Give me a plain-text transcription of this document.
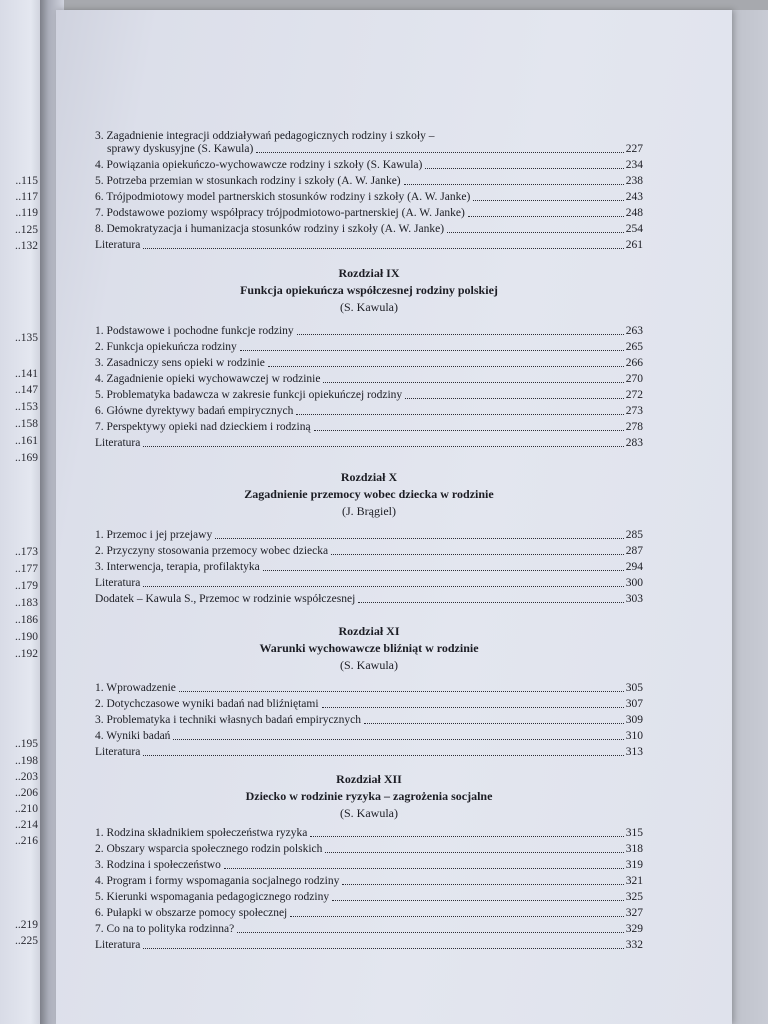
..115
..117
..119
..125
..132
..135
..141
..147
..153
..158
..161
..169
..173
..177
..179
..183
..186
..190
..192
..195
..198
..203
..206
..210
..214
..216
..219
..225
3. Zagadnienie integracji oddziaływań pedagogicznych rodziny i szkoły –
sprawy dyskusyjne (S. Kawula)	227
4. Powiązania opiekuńczo-wychowawcze rodziny i szkoły (S. Kawula)	234
5. Potrzeba przemian w stosunkach rodziny i szkoły (A. W. Janke)	238
6. Trójpodmiotowy model partnerskich stosunków rodziny i szkoły (A. W. Janke)	243
7. Podstawowe poziomy współpracy trójpodmiotowo-partnerskiej (A. W. Janke)	248
8. Demokratyzacja i humanizacja stosunków rodziny i szkoły (A. W. Janke)	254
Literatura	261
Rozdział IX
Funkcja opiekuńcza współczesnej rodziny polskiej
(S. Kawula)
1. Podstawowe i pochodne funkcje rodziny	263
2. Funkcja opiekuńcza rodziny	265
3. Zasadniczy sens opieki w rodzinie	266
4. Zagadnienie opieki wychowawczej w rodzinie	270
5. Problematyka badawcza w zakresie funkcji opiekuńczej rodziny	272
6. Główne dyrektywy badań empirycznych	273
7. Perspektywy opieki nad dzieckiem i rodziną	278
Literatura	283
Rozdział X
Zagadnienie przemocy wobec dziecka w rodzinie
(J. Brągiel)
1. Przemoc i jej przejawy	285
2. Przyczyny stosowania przemocy wobec dziecka	287
3. Interwencja, terapia, profilaktyka	294
Literatura	300
Dodatek – Kawula S., Przemoc w rodzinie współczesnej	303
Rozdział XI
Warunki wychowawcze bliźniąt w rodzinie
(S. Kawula)
1. Wprowadzenie	305
2. Dotychczasowe wyniki badań nad bliźniętami	307
3. Problematyka i techniki własnych badań empirycznych	309
4. Wyniki badań	310
Literatura	313
Rozdział XII
Dziecko w rodzinie ryzyka – zagrożenia socjalne
(S. Kawula)
1. Rodzina składnikiem społeczeństwa ryzyka	315
2. Obszary wsparcia społecznego rodzin polskich	318
3. Rodzina i społeczeństwo	319
4. Program i formy wspomagania socjalnego rodziny	321
5. Kierunki wspomagania pedagogicznego rodziny	325
6. Pułapki w obszarze pomocy społecznej	327
7. Co na to polityka rodzinna?	329
Literatura	332
